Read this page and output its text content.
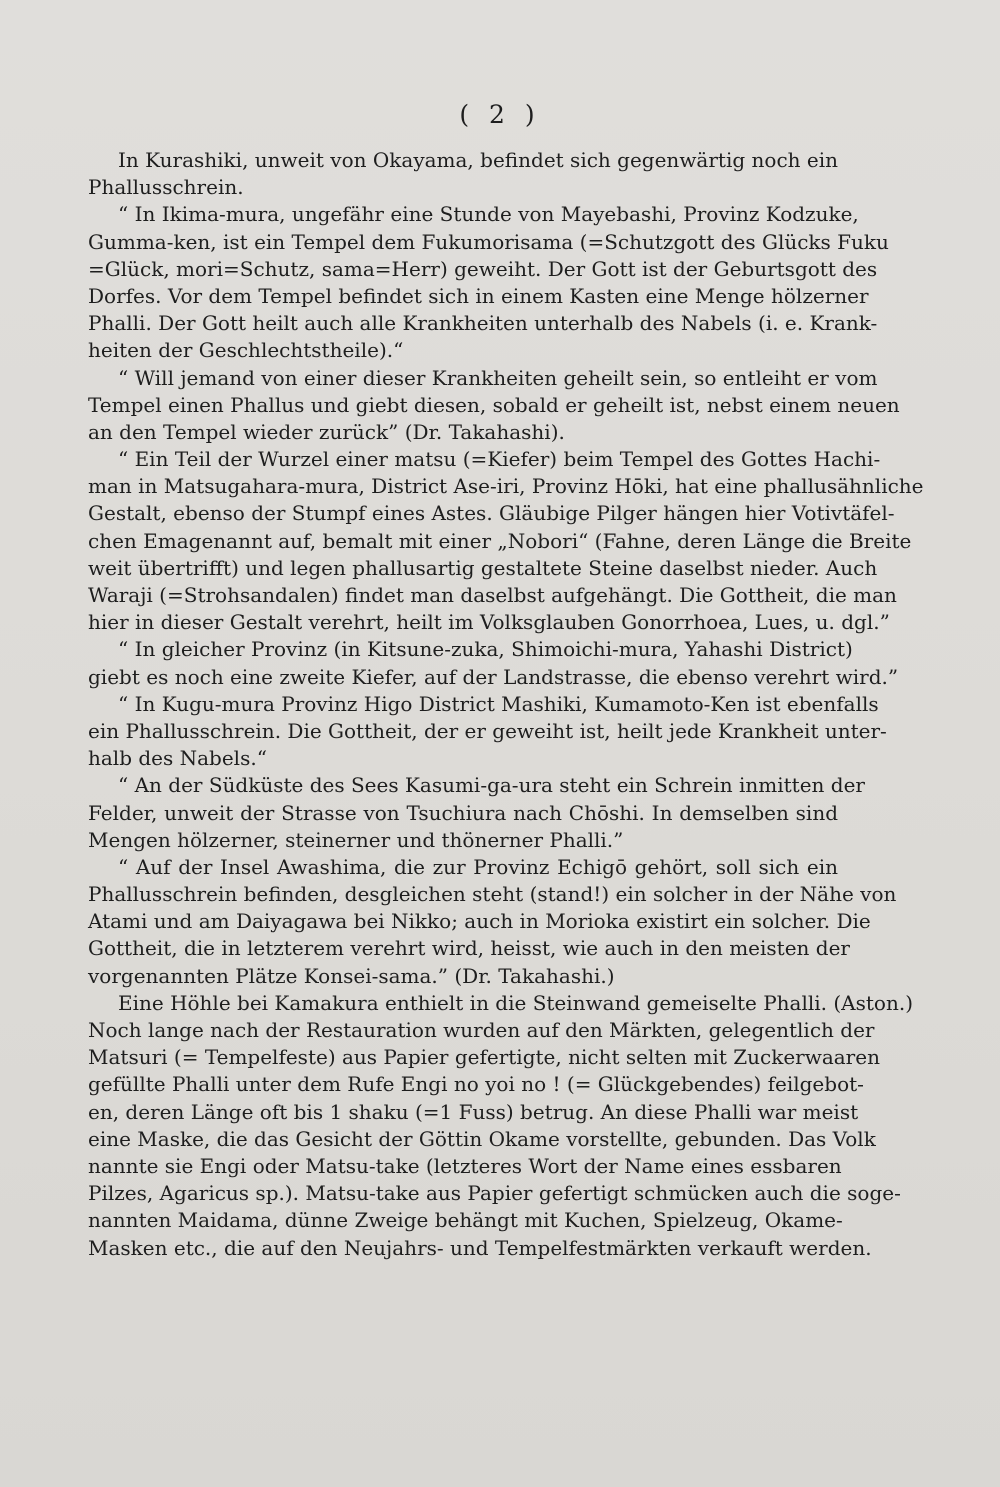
( 2 )
In Kurashiki, unweit von Okayama, befindet sich gegenwärtig noch ein
Phallusschrein.
“ In Ikima-mura, ungefähr eine Stunde von Mayebashi, Provinz Kodzuke,
Gumma-ken, ist ein Tempel dem Fukumorisama (=Schutzgott des Glücks Fuku
=Glück, mori=Schutz, sama=Herr) geweiht. Der Gott ist der Geburtsgott des
Dorfes. Vor dem Tempel befindet sich in einem Kasten eine Menge hölzerner
Phalli. Der Gott heilt auch alle Krankheiten unterhalb des Nabels (i. e. Krank-
heiten der Geschlechtstheile).“
“ Will jemand von einer dieser Krankheiten geheilt sein, so entleiht er vom
Tempel einen Phallus und giebt diesen, sobald er geheilt ist, nebst einem neuen
an den Tempel wieder zurück” (Dr. Takahashi).
“ Ein Teil der Wurzel einer matsu (=Kiefer) beim Tempel des Gottes Hachi-
man in Matsugahara-mura, District Ase-iri, Provinz Hōki, hat eine phallusähnliche
Gestalt, ebenso der Stumpf eines Astes. Gläubige Pilger hängen hier Votivtäfel-
chen Emagenannt auf, bemalt mit einer „Nobori“ (Fahne, deren Länge die Breite
weit übertrifft) und legen phallusartig gestaltete Steine daselbst nieder. Auch
Waraji (=Strohsandalen) findet man daselbst aufgehängt. Die Gottheit, die man
hier in dieser Gestalt verehrt, heilt im Volksglauben Gonorrhoea, Lues, u. dgl.”
“ In gleicher Provinz (in Kitsune-zuka, Shimoichi-mura, Yahashi District)
giebt es noch eine zweite Kiefer, auf der Landstrasse, die ebenso verehrt wird.”
“ In Kugu-mura Provinz Higo District Mashiki, Kumamoto-Ken ist ebenfalls
ein Phallusschrein. Die Gottheit, der er geweiht ist, heilt jede Krankheit unter-
halb des Nabels.“
“ An der Südküste des Sees Kasumi-ga-ura steht ein Schrein inmitten der
Felder, unweit der Strasse von Tsuchiura nach Chōshi. In demselben sind
Mengen hölzerner, steinerner und thönerner Phalli.”
“ Auf der Insel Awashima, die zur Provinz Echigō gehört, soll sich ein
Phallusschrein befinden, desgleichen steht (stand!) ein solcher in der Nähe von
Atami und am Daiyagawa bei Nikko; auch in Morioka existirt ein solcher. Die
Gottheit, die in letzterem verehrt wird, heisst, wie auch in den meisten der
vorgenannten Plätze Konsei-sama.” (Dr. Takahashi.)
Eine Höhle bei Kamakura enthielt in die Steinwand gemeiselte Phalli. (Aston.)
Noch lange nach der Restauration wurden auf den Märkten, gelegentlich der
Matsuri (= Tempelfeste) aus Papier gefertigte, nicht selten mit Zuckerwaaren
gefüllte Phalli unter dem Rufe Engi no yoi no ! (= Glückgebendes) feilgebot-
en, deren Länge oft bis 1 shaku (=1 Fuss) betrug. An diese Phalli war meist
eine Maske, die das Gesicht der Göttin Okame vorstellte, gebunden. Das Volk
nannte sie Engi oder Matsu-take (letzteres Wort der Name eines essbaren
Pilzes, Agaricus sp.). Matsu-take aus Papier gefertigt schmücken auch die soge-
nannten Maidama, dünne Zweige behängt mit Kuchen, Spielzeug, Okame-
Masken etc., die auf den Neujahrs- und Tempelfestmärkten verkauft werden.
